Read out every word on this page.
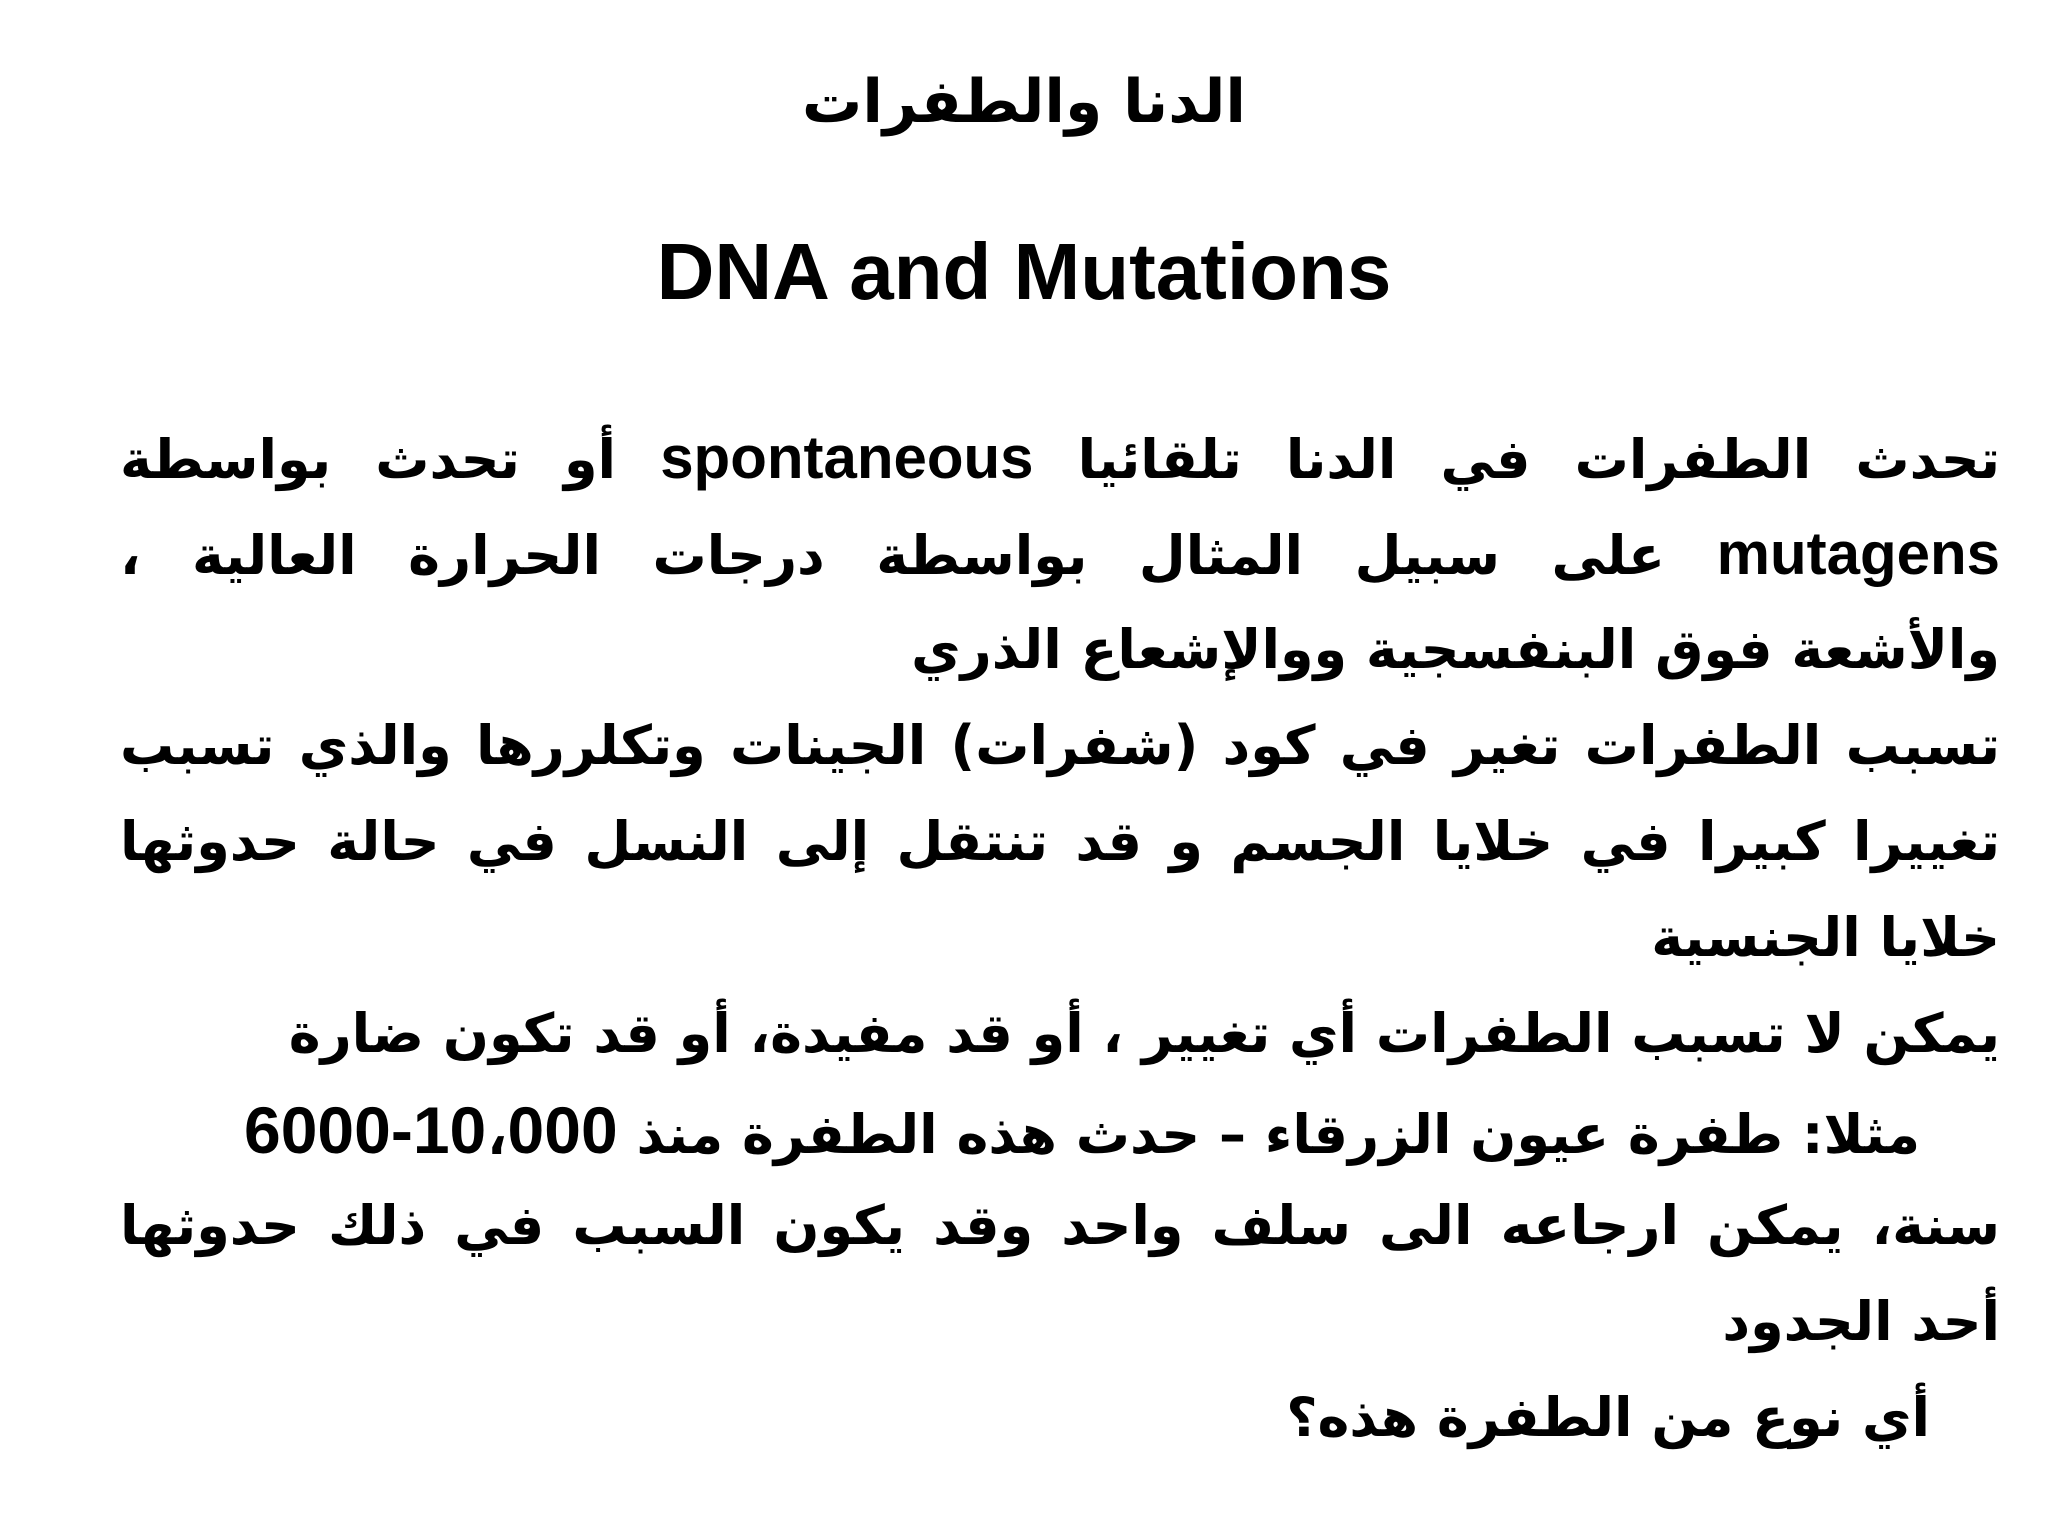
الدنا والطفرات
DNA and Mutations
تحدث الطفرات في الدنا تلقائيا spontaneous أو تحدث بواسطة
mutagens على سبيل المثال بواسطة درجات الحرارة العالية ،
والأشعة فوق البنفسجية ووالإشعاع الذري
تسبب الطفرات تغير في كود (شفرات) الجينات وتكلررها والذي تسبب
تغييرا كبيرا في خلايا الجسم و قد تنتقل إلى النسل في حالة حدوثها
خلايا الجنسية
يمكن لا تسبب الطفرات أي تغيير ، أو قد مفيدة، أو قد تكون ضارة
مثلا: طفرة عيون الزرقاء – حدث هذه الطفرة منذ 6000-10،000
سنة، يمكن ارجاعه الى سلف واحد وقد يكون السبب في ذلك حدوثها
أحد الجدود
أي نوع من الطفرة هذه؟
